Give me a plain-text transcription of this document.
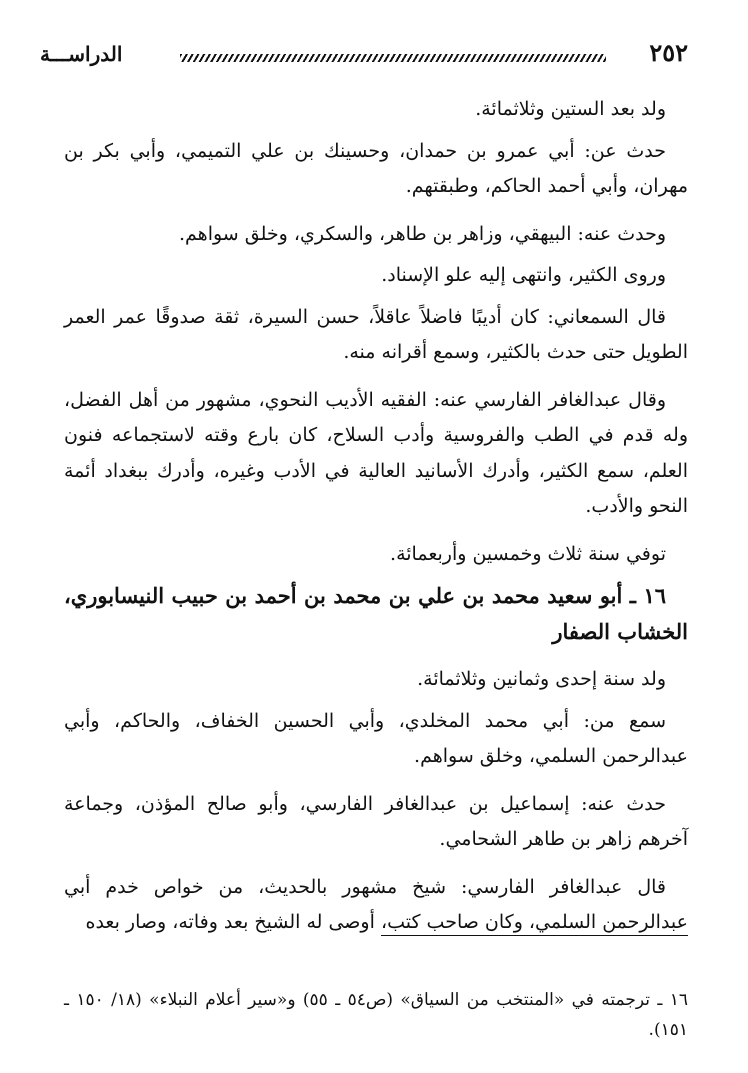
٢٥٢
الدراســـة

ولد بعد الستين وثلاثمائة.

حدث عن: أبي عمرو بن حمدان، وحسينك بن علي التميمي، وأبي بكر بن مهران، وأبي أحمد الحاكم، وطبقتهم.

وحدث عنه: البيهقي، وزاهر بن طاهر، والسكري، وخلق سواهم.

وروى الكثير، وانتهى إليه علو الإسناد.

قال السمعاني: كان أديبًا فاضلاً عاقلاً، حسن السيرة، ثقة صدوقًا عمر العمر الطويل حتى حدث بالكثير، وسمع أقرانه منه.

وقال عبدالغافر الفارسي عنه: الفقيه الأديب النحوي، مشهور من أهل الفضل، وله قدم في الطب والفروسية وأدب السلاح، كان بارع وقته لاستجماعه فنون العلم، سمع الكثير، وأدرك الأسانيد العالية في الأدب وغيره، وأدرك ببغداد أئمة النحو والأدب.

توفي سنة ثلاث وخمسين وأربعمائة.

١٦ ـ أبو سعيد محمد بن علي بن محمد بن أحمد بن حبيب النيسابوري، الخشاب الصفار

ولد سنة إحدى وثمانين وثلاثمائة.

سمع من: أبي محمد المخلدي، وأبي الحسين الخفاف، والحاكم، وأبي عبدالرحمن السلمي، وخلق سواهم.

حدث عنه: إسماعيل بن عبدالغافر الفارسي، وأبو صالح المؤذن، وجماعة آخرهم زاهر بن طاهر الشحامي.

قال عبدالغافر الفارسي: شيخ مشهور بالحديث، من خواص خدم أبي عبدالرحمن السلمي، وكان صاحب كتب، أوصى له الشيخ بعد وفاته، وصار بعده

١٦ ـ ترجمته في «المنتخب من السياق» (ص٥٤ ـ ٥٥) و«سير أعلام النبلاء» (١٨/ ١٥٠ ـ ١٥١).
